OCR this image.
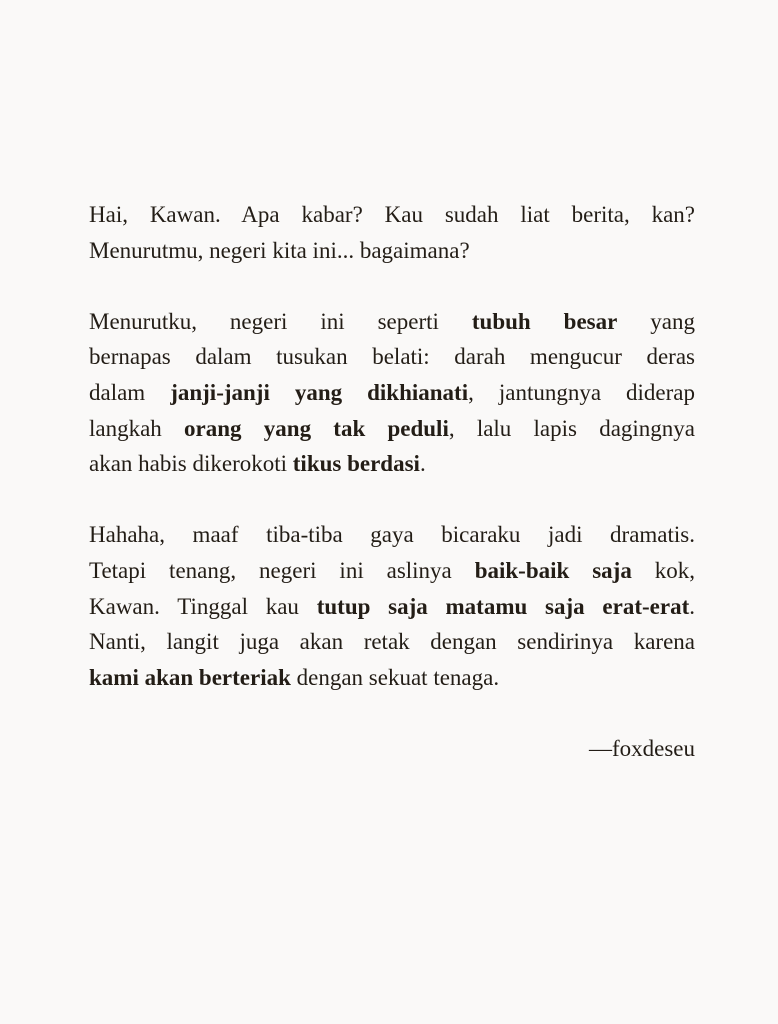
Hai, Kawan. Apa kabar? Kau sudah liat berita, kan?
Menurutmu, negeri kita ini... bagaimana?

Menurutku, negeri ini seperti tubuh besar yang
bernapas dalam tusukan belati: darah mengucur deras
dalam janji-janji yang dikhianati, jantungnya diderap
langkah orang yang tak peduli, lalu lapis dagingnya
akan habis dikerokoti tikus berdasi.

Hahaha, maaf tiba-tiba gaya bicaraku jadi dramatis.
Tetapi tenang, negeri ini aslinya baik-baik saja kok,
Kawan. Tinggal kau tutup saja matamu saja erat-erat.
Nanti, langit juga akan retak dengan sendirinya karena
kami akan berteriak dengan sekuat tenaga.

—foxdeseu
